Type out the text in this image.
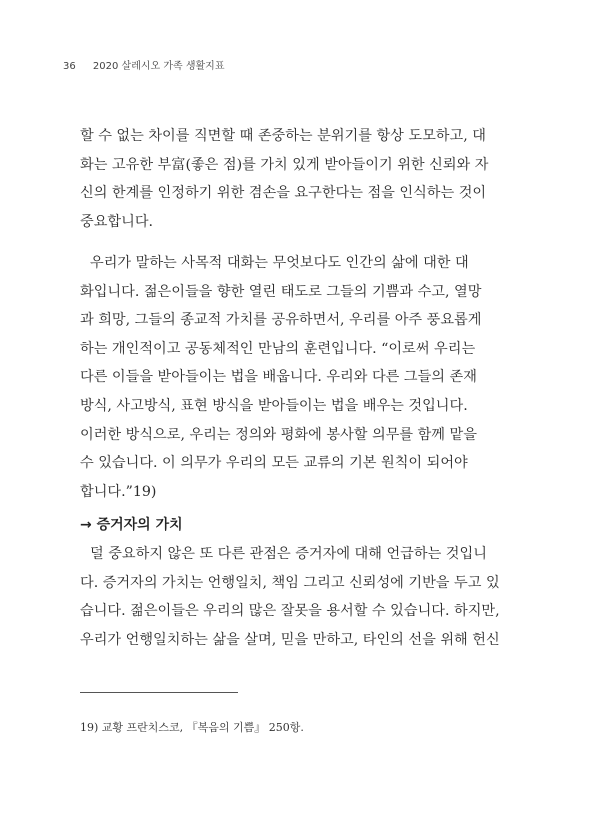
36 2020 살레시오 가족 생활지표
할 수 없는 차이를 직면할 때 존중하는 분위기를 항상 도모하고, 대
화는 고유한 부富(좋은 점)를 가치 있게 받아들이기 위한 신뢰와 자
신의 한계를 인정하기 위한 겸손을 요구한다는 점을 인식하는 것이
중요합니다.
우리가 말하는 사목적 대화는 무엇보다도 인간의 삶에 대한 대
화입니다. 젊은이들을 향한 열린 태도로 그들의 기쁨과 수고, 열망
과 희망, 그들의 종교적 가치를 공유하면서, 우리를 아주 풍요롭게
하는 개인적이고 공동체적인 만남의 훈련입니다. “이로써 우리는
다른 이들을 받아들이는 법을 배웁니다. 우리와 다른 그들의 존재
방식, 사고방식, 표현 방식을 받아들이는 법을 배우는 것입니다.
이러한 방식으로, 우리는 정의와 평화에 봉사할 의무를 함께 맡을
수 있습니다. 이 의무가 우리의 모든 교류의 기본 원칙이 되어야
합니다.”19)
→ 증거자의 가치
덜 중요하지 않은 또 다른 관점은 증거자에 대해 언급하는 것입니
다. 증거자의 가치는 언행일치, 책임 그리고 신뢰성에 기반을 두고 있
습니다. 젊은이들은 우리의 많은 잘못을 용서할 수 있습니다. 하지만,
우리가 언행일치하는 삶을 살며, 믿을 만하고, 타인의 선을 위해 헌신
19) 교황 프란치스코, 『복음의 기쁨』 250항.
